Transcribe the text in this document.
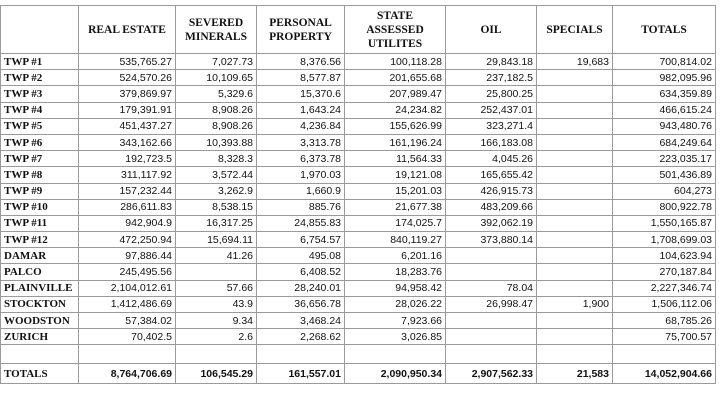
	REAL ESTATE	SEVERED MINERALS	PERSONAL PROPERTY	STATE ASSESSED UTILITES	OIL	SPECIALS	TOTALS
TWP #1	535,765.27	7,027.73	8,376.56	100,118.28	29,843.18	19,683	700,814.02
TWP #2	524,570.26	10,109.65	8,577.87	201,655.68	237,182.5		982,095.96
TWP #3	379,869.97	5,329.6	15,370.6	207,989.47	25,800.25		634,359.89
TWP #4	179,391.91	8,908.26	1,643.24	24,234.82	252,437.01		466,615.24
TWP #5	451,437.27	8,908.26	4,236.84	155,626.99	323,271.4		943,480.76
TWP #6	343,162.66	10,393.88	3,313.78	161,196.24	166,183.08		684,249.64
TWP #7	192,723.5	8,328.3	6,373.78	11,564.33	4,045.26		223,035.17
TWP #8	311,117.92	3,572.44	1,970.03	19,121.08	165,655.42		501,436.89
TWP #9	157,232.44	3,262.9	1,660.9	15,201.03	426,915.73		604,273
TWP #10	286,611.83	8,538.15	885.76	21,677.38	483,209.66		800,922.78
TWP #11	942,904.9	16,317.25	24,855.83	174,025.7	392,062.19		1,550,165.87
TWP #12	472,250.94	15,694.11	6,754.57	840,119.27	373,880.14		1,708,699.03
DAMAR	97,886.44	41.26	495.08	6,201.16			104,623.94
PALCO	245,495.56		6,408.52	18,283.76			270,187.84
PLAINVILLE	2,104,012.61	57.66	28,240.01	94,958.42	78.04		2,227,346.74
STOCKTON	1,412,486.69	43.9	36,656.78	28,026.22	26,998.47	1,900	1,506,112.06
WOODSTON	57,384.02	9.34	3,468.24	7,923.66			68,785.26
ZURICH	70,402.5	2.6	2,268.62	3,026.85			75,700.57

TOTALS	8,764,706.69	106,545.29	161,557.01	2,090,950.34	2,907,562.33	21,583	14,052,904.66
